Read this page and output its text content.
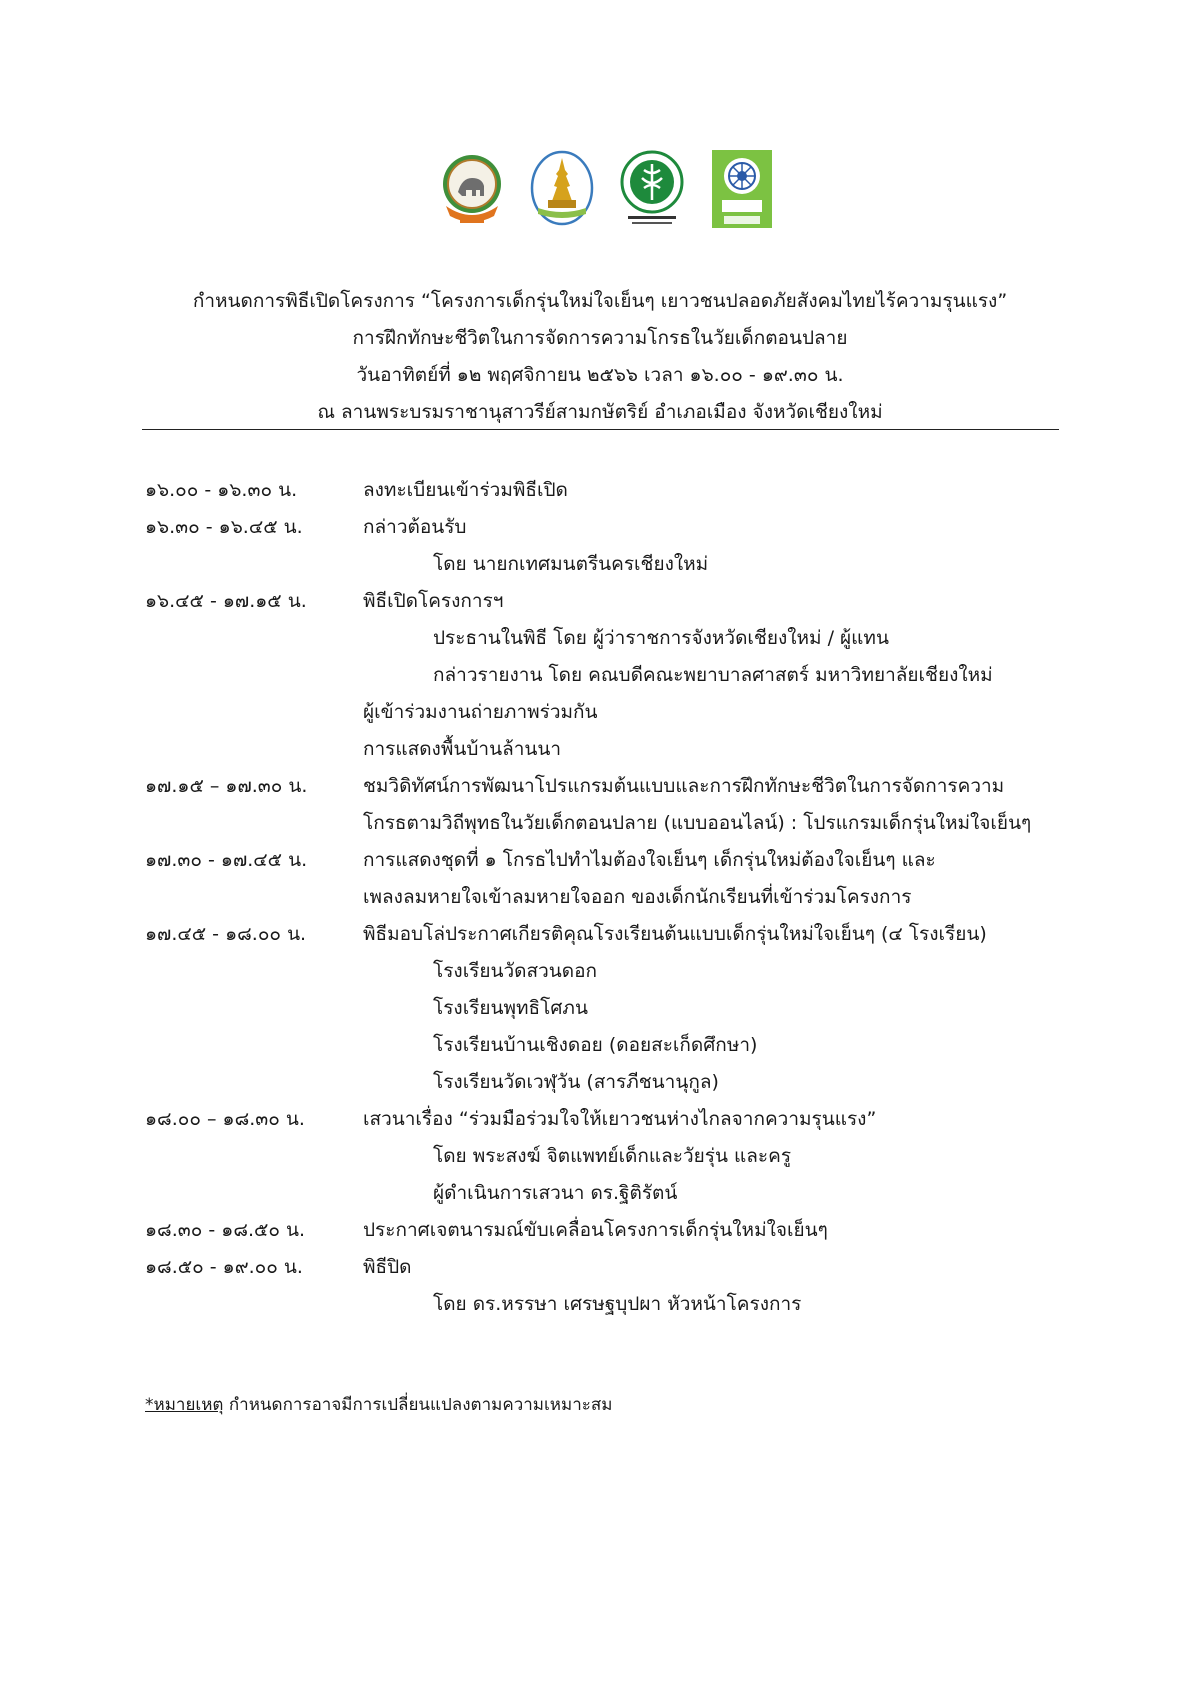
กำหนดการพิธีเปิดโครงการ “โครงการเด็กรุ่นใหม่ใจเย็นๆ เยาวชนปลอดภัยสังคมไทยไร้ความรุนแรง”
การฝึกทักษะชีวิตในการจัดการความโกรธในวัยเด็กตอนปลาย
วันอาทิตย์ที่ ๑๒ พฤศจิกายน ๒๕๖๖ เวลา ๑๖.๐๐ - ๑๙.๓๐ น.
ณ ลานพระบรมราชานุสาวรีย์สามกษัตริย์ อำเภอเมือง จังหวัดเชียงใหม่
๑๖.๐๐ - ๑๖.๓๐ น.	ลงทะเบียนเข้าร่วมพิธีเปิด
๑๖.๓๐ - ๑๖.๔๕ น.	กล่าวต้อนรับ
โดย นายกเทศมนตรีนครเชียงใหม่
๑๖.๔๕ - ๑๗.๑๕ น.	พิธีเปิดโครงการฯ
ประธานในพิธี โดย ผู้ว่าราชการจังหวัดเชียงใหม่ / ผู้แทน
กล่าวรายงาน โดย คณบดีคณะพยาบาลศาสตร์ มหาวิทยาลัยเชียงใหม่
ผู้เข้าร่วมงานถ่ายภาพร่วมกัน
การแสดงพื้นบ้านล้านนา
๑๗.๑๕ – ๑๗.๓๐ น.	ชมวิดิทัศน์การพัฒนาโปรแกรมต้นแบบและการฝึกทักษะชีวิตในการจัดการความ
โกรธตามวิถีพุทธในวัยเด็กตอนปลาย (แบบออนไลน์) : โปรแกรมเด็กรุ่นใหม่ใจเย็นๆ
๑๗.๓๐ - ๑๗.๔๕ น.	การแสดงชุดที่ ๑ โกรธไปทำไมต้องใจเย็นๆ เด็กรุ่นใหม่ต้องใจเย็นๆ และ
เพลงลมหายใจเข้าลมหายใจออก ของเด็กนักเรียนที่เข้าร่วมโครงการ
๑๗.๔๕ - ๑๘.๐๐ น.	พิธีมอบโล่ประกาศเกียรติคุณโรงเรียนต้นแบบเด็กรุ่นใหม่ใจเย็นๆ (๔ โรงเรียน)
โรงเรียนวัดสวนดอก
โรงเรียนพุทธิโศภน
โรงเรียนบ้านเชิงดอย (ดอยสะเก็ดศึกษา)
โรงเรียนวัดเวฬุวัน (สารภีชนานุกูล)
๑๘.๐๐ – ๑๘.๓๐ น.	เสวนาเรื่อง “ร่วมมือร่วมใจให้เยาวชนห่างไกลจากความรุนแรง”
โดย พระสงฆ์ จิตแพทย์เด็กและวัยรุ่น และครู
ผู้ดำเนินการเสวนา ดร.ฐิติรัตน์
๑๘.๓๐ - ๑๘.๕๐ น.	ประกาศเจตนารมณ์ขับเคลื่อนโครงการเด็กรุ่นใหม่ใจเย็นๆ
๑๘.๕๐ - ๑๙.๐๐ น.	พิธีปิด
โดย ดร.หรรษา เศรษฐบุปผา หัวหน้าโครงการ
*หมายเหตุ กำหนดการอาจมีการเปลี่ยนแปลงตามความเหมาะสม
